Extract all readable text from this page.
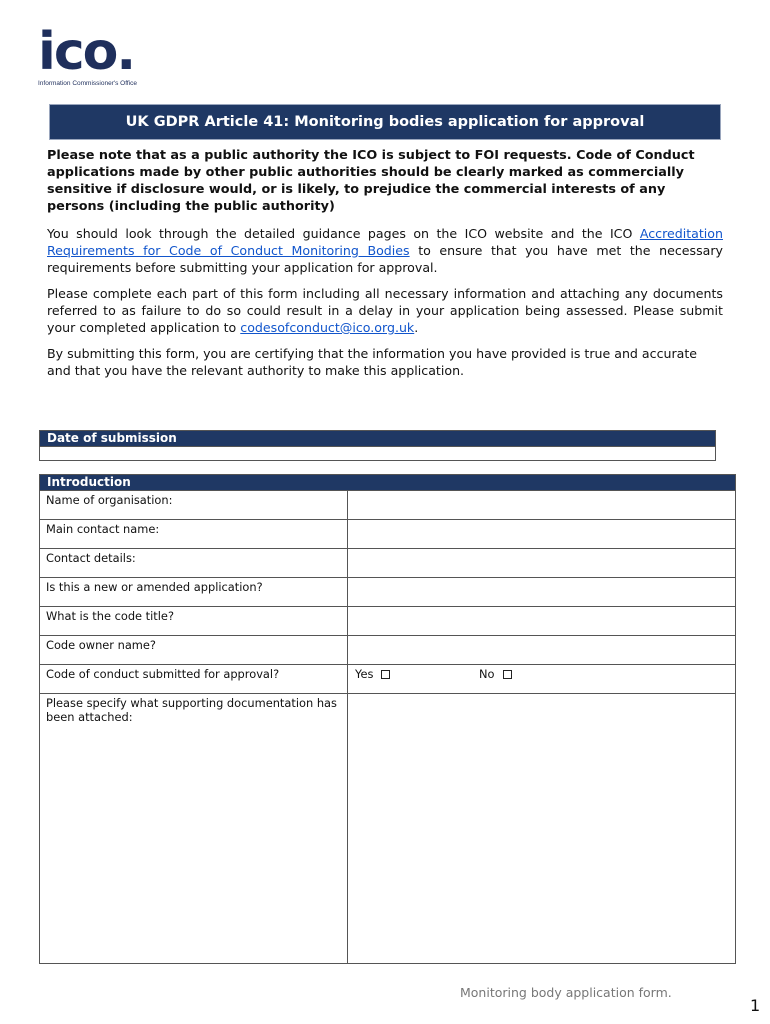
ico.
Information Commissioner's Office
UK GDPR Article 41: Monitoring bodies application for approval
Please note that as a public authority the ICO is subject to FOI requests. Code of Conduct applications made by other public authorities should be clearly marked as commercially sensitive if disclosure would, or is likely, to prejudice the commercial interests of any persons (including the public authority)
You should look through the detailed guidance pages on the ICO website and the ICO Accreditation Requirements for Code of Conduct Monitoring Bodies to ensure that you have met the necessary requirements before submitting your application for approval.
Please complete each part of this form including all necessary information and attaching any documents referred to as failure to do so could result in a delay in your application being assessed. Please submit your completed application to codesofconduct@ico.org.uk.
By submitting this form, you are certifying that the information you have provided is true and accurate and that you have the relevant authority to make this application.
Date of submission
Introduction
Name of organisation:
Main contact name:
Contact details:
Is this a new or amended application?
What is the code title?
Code owner name?
Code of conduct submitted for approval?	Yes	No
Please specify what supporting documentation has been attached:
Monitoring body application form.
1
